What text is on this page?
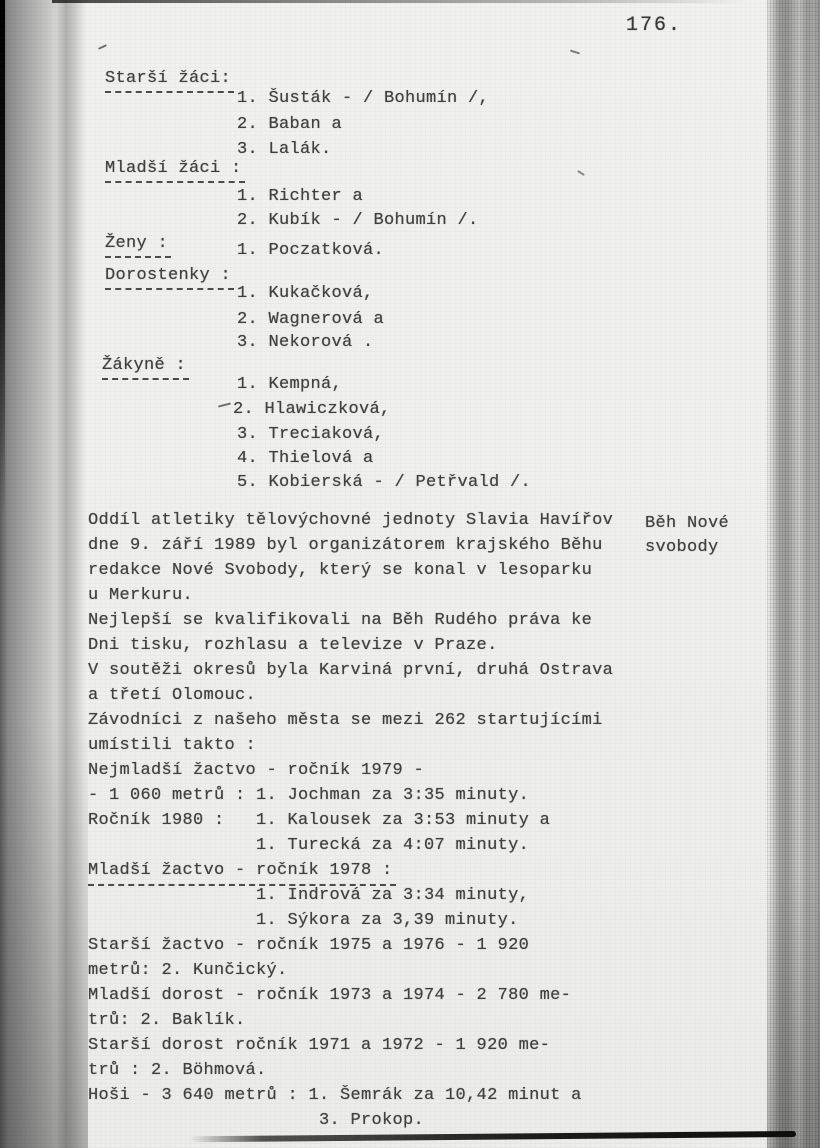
176.
Starší žáci:
1. Šusták - / Bohumín /,
2. Baban a
3. Lalák.
Mladší žáci :
1. Richter a
2. Kubík - / Bohumín /.
Ženy :	1. Poczatková.
Dorostenky :
1. Kukačková,
2. Wagnerová a
3. Nekorová .
Žákyně :
1. Kempná,
2. Hlawiczková,
3. Treciaková,
4. Thielová a
5. Kobierská - / Petřvald /.
Běh Nové
svobody
Oddíl atletiky tělovýchovné jednoty Slavia Havířov
dne 9. září 1989 byl organizátorem krajského Běhu
redakce Nové Svobody, který se konal v lesoparku
u Merkuru.
Nejlepší se kvalifikovali na Běh Rudého práva ke
Dni tisku, rozhlasu a televize v Praze.
V soutěži okresů byla Karviná první, druhá Ostrava
a třetí Olomouc.
Závodníci z našeho města se mezi 262 startujícími
umístili takto :
Nejmladší žactvo - ročník 1979 -
- 1 060 metrů : 1. Jochman za 3:35 minuty.
Ročník 1980 :   1. Kalousek za 3:53 minuty a
1. Turecká za 4:07 minuty.
Mladší žactvo - ročník 1978 :
1. Indrová za 3:34 minuty,
1. Sýkora za 3,39 minuty.
Starší žactvo - ročník 1975 a 1976 - 1 920
metrů: 2. Kunčický.
Mladší dorost - ročník 1973 a 1974 - 2 780 me-
trů: 2. Baklík.
Starší dorost ročník 1971 a 1972 - 1 920 me-
trů : 2. Böhmová.
Hoši - 3 640 metrů : 1. Šemrák za 10,42 minut a
3. Prokop.
